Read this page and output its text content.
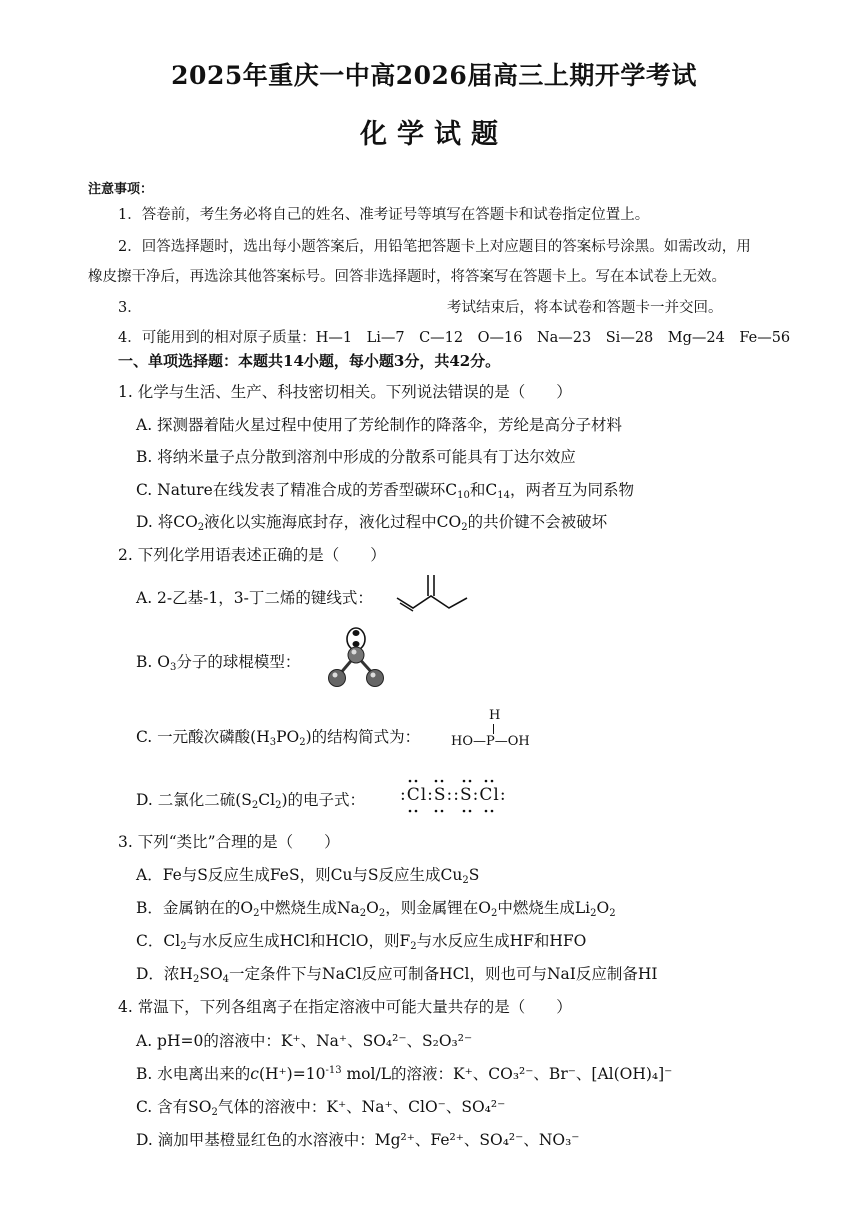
2025年重庆一中高2026届高三上期开学考试
化学试题
注意事项：
1．答卷前，考生务必将自己的姓名、准考证号等填写在答题卡和试卷指定位置上。
2．回答选择题时，选出每小题答案后，用铅笔把答题卡上对应题目的答案标号涂黑。如需改动，用
橡皮擦干净后，再选涂其他答案标号。回答非选择题时，将答案写在答题卡上。写在本试卷上无效。
3．	考试结束后，将本试卷和答题卡一并交回。
4．可能用到的相对原子质量：H—1　Li—7　C—12　O—16　Na—23　Si—28　Mg—24　Fe—56
一、单项选择题：本题共14小题，每小题3分，共42分。
1. 化学与生活、生产、科技密切相关。下列说法错误的是（　　）
A. 探测器着陆火星过程中使用了芳纶制作的降落伞，芳纶是高分子材料
B. 将纳米量子点分散到溶剂中形成的分散系可能具有丁达尔效应
C. Nature在线发表了精准合成的芳香型碳环$C_{10}$和$C_{14}$，两者互为同系物
D. 将$CO_2$液化以实施海底封存，液化过程中$CO_2$的共价键不会被破坏
2. 下列化学用语表述正确的是（　　）
A. 2-乙基-1，3-丁二烯的键线式：
B. $O_3$分子的球棍模型：
C. 一元酸次磷酸$(H_3PO_2)$的结构简式为：
H
HO—P—OH
D. 二氯化二硫$(S_2Cl_2)$的电子式： :Cl:S::S:Cl:
3. 下列“类比”合理的是（　　）
A．Fe与S反应生成FeS，则Cu与S反应生成$Cu_2S$
B．金属钠在的$O_2$中燃烧生成$Na_2O_2$，则金属锂在$O_2$中燃烧生成$Li_2O_2$
C．$Cl_2$与水反应生成HCl和HClO，则$F_2$与水反应生成HF和HFO
D．浓$H_2SO_4$一定条件下与NaCl反应可制备HCl，则也可与NaI反应制备HI
4. 常温下，下列各组离子在指定溶液中可能大量共存的是（　　）
A. pH=0的溶液中：K⁺、Na⁺、SO₄²⁻、S₂O₃²⁻
B. 水电离出来的$c(H^+)=10^{-13}$ mol/L的溶液：K⁺、CO₃²⁻、Br⁻、[Al(OH)₄]⁻
C. 含有$SO_2$气体的溶液中：K⁺、Na⁺、ClO⁻、SO₄²⁻
D. 滴加甲基橙显红色的水溶液中：Mg²⁺、Fe²⁺、SO₄²⁻、NO₃⁻
